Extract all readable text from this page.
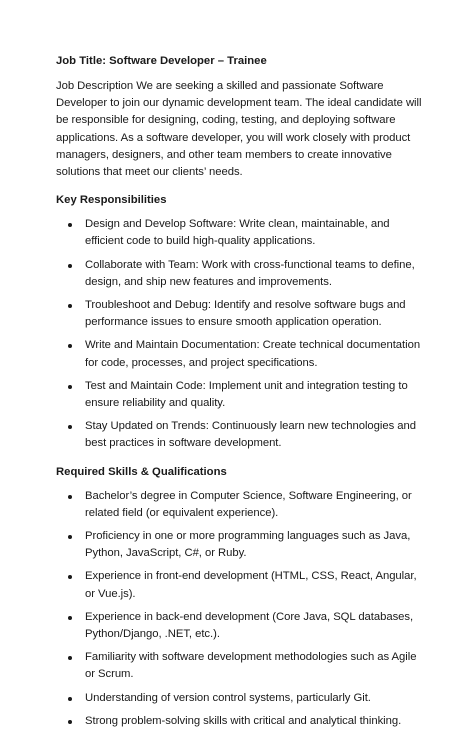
Job Title: Software Developer – Trainee
Job Description We are seeking a skilled and passionate Software Developer to join our dynamic development team. The ideal candidate will be responsible for designing, coding, testing, and deploying software applications. As a software developer, you will work closely with product managers, designers, and other team members to create innovative solutions that meet our clients’ needs.
Key Responsibilities
Design and Develop Software: Write clean, maintainable, and efficient code to build high-quality applications.
Collaborate with Team: Work with cross-functional teams to define, design, and ship new features and improvements.
Troubleshoot and Debug: Identify and resolve software bugs and performance issues to ensure smooth application operation.
Write and Maintain Documentation: Create technical documentation for code, processes, and project specifications.
Test and Maintain Code: Implement unit and integration testing to ensure reliability and quality.
Stay Updated on Trends: Continuously learn new technologies and best practices in software development.
Required Skills & Qualifications
Bachelor’s degree in Computer Science, Software Engineering, or related field (or equivalent experience).
Proficiency in one or more programming languages such as Java, Python, JavaScript, C#, or Ruby.
Experience in front-end development (HTML, CSS, React, Angular, or Vue.js).
Experience in back-end development (Core Java, SQL databases, Python/Django, .NET, etc.).
Familiarity with software development methodologies such as Agile or Scrum.
Understanding of version control systems, particularly Git.
Strong problem-solving skills with critical and analytical thinking.
